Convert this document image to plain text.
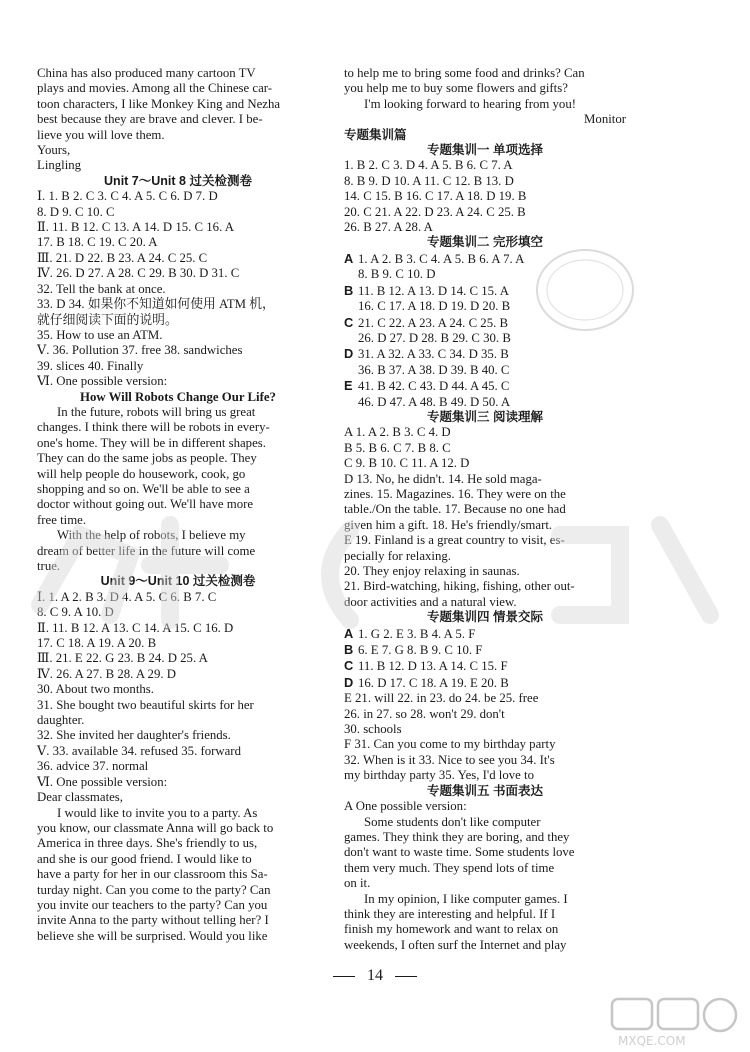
China has also produced many cartoon TV
plays and movies. Among all the Chinese car-
toon characters, I like Monkey King and Nezha
best because they are brave and clever. I be-
lieve you will love them.
Yours,
Lingling
Unit 7～Unit 8 过关检测卷
Ⅰ. 1. B 2. C 3. C 4. A 5. C 6. D 7. D
8. D 9. C 10. C
Ⅱ. 11. B 12. C 13. A 14. D 15. C 16. A
17. B 18. C 19. C 20. A
Ⅲ. 21. D 22. B 23. A 24. C 25. C
Ⅳ. 26. D 27. A 28. C 29. B 30. D 31. C
32. Tell the bank at once.
33. D 34. 如果你不知道如何使用 ATM 机，
就仔细阅读下面的说明。
35. How to use an ATM.
Ⅴ. 36. Pollution 37. free 38. sandwiches
39. slices 40. Finally
Ⅵ. One possible version:
How Will Robots Change Our Life?
In the future, robots will bring us great
changes. I think there will be robots in every-
one's home. They will be in different shapes.
They can do the same jobs as people. They
will help people do housework, cook, go
shopping and so on. We'll be able to see a
doctor without going out. We'll have more
free time.
With the help of robots, I believe my
dream of better life in the future will come
true.
Unit 9～Unit 10 过关检测卷
Ⅰ. 1. A 2. B 3. D 4. A 5. C 6. B 7. C
8. C 9. A 10. D
Ⅱ. 11. B 12. A 13. C 14. A 15. C 16. D
17. C 18. A 19. A 20. B
Ⅲ. 21. E 22. G 23. B 24. D 25. A
Ⅳ. 26. A 27. B 28. A 29. D
30. About two months.
31. She bought two beautiful skirts for her
daughter.
32. She invited her daughter's friends.
Ⅴ. 33. available 34. refused 35. forward
36. advice 37. normal
Ⅵ. One possible version:
Dear classmates,
I would like to invite you to a party. As
you know, our classmate Anna will go back to
America in three days. She's friendly to us,
and she is our good friend. I would like to
have a party for her in our classroom this Sa-
turday night. Can you come to the party? Can
you invite our teachers to the party? Can you
invite Anna to the party without telling her? I
believe she will be surprised. Would you like
to help me to bring some food and drinks? Can
you help me to buy some flowers and gifts?
I'm looking forward to hearing from you!
Monitor
专题集训篇
专题集训一 单项选择
1. B 2. C 3. D 4. A 5. B 6. C 7. A
8. B 9. D 10. A 11. C 12. B 13. D
14. C 15. B 16. C 17. A 18. D 19. B
20. C 21. A 22. D 23. A 24. C 25. B
26. B 27. A 28. A
专题集训二 完形填空
A 1. A 2. B 3. C 4. A 5. B 6. A 7. A
8. B 9. C 10. D
B 11. B 12. A 13. D 14. C 15. A
16. C 17. A 18. D 19. D 20. B
C 21. C 22. A 23. A 24. C 25. B
26. D 27. D 28. B 29. C 30. B
D 31. A 32. A 33. C 34. D 35. B
36. B 37. A 38. D 39. B 40. C
E 41. B 42. C 43. D 44. A 45. C
46. D 47. A 48. B 49. D 50. A
专题集训三 阅读理解
A 1. A 2. B 3. C 4. D
B 5. B 6. C 7. B 8. C
C 9. B 10. C 11. A 12. D
D 13. No, he didn't. 14. He sold maga-
zines. 15. Magazines. 16. They were on the
table./On the table. 17. Because no one had
given him a gift. 18. He's friendly/smart.
E 19. Finland is a great country to visit, es-
pecially for relaxing.
20. They enjoy relaxing in saunas.
21. Bird-watching, hiking, fishing, other out-
door activities and a natural view.
专题集训四 情景交际
A 1. G 2. E 3. B 4. A 5. F
B 6. E 7. G 8. B 9. C 10. F
C 11. B 12. D 13. A 14. C 15. F
D 16. D 17. C 18. A 19. E 20. B
E 21. will 22. in 23. do 24. be 25. free
26. in 27. so 28. won't 29. don't
30. schools
F 31. Can you come to my birthday party
32. When is it 33. Nice to see you 34. It's
my birthday party 35. Yes, I'd love to
专题集训五 书面表达
A One possible version:
Some students don't like computer
games. They think they are boring, and they
don't want to waste time. Some students love
them very much. They spend lots of time
on it.
In my opinion, I like computer games. I
think they are interesting and helpful. If I
finish my homework and want to relax on
weekends, I often surf the Internet and play
14
MXQE.COM
